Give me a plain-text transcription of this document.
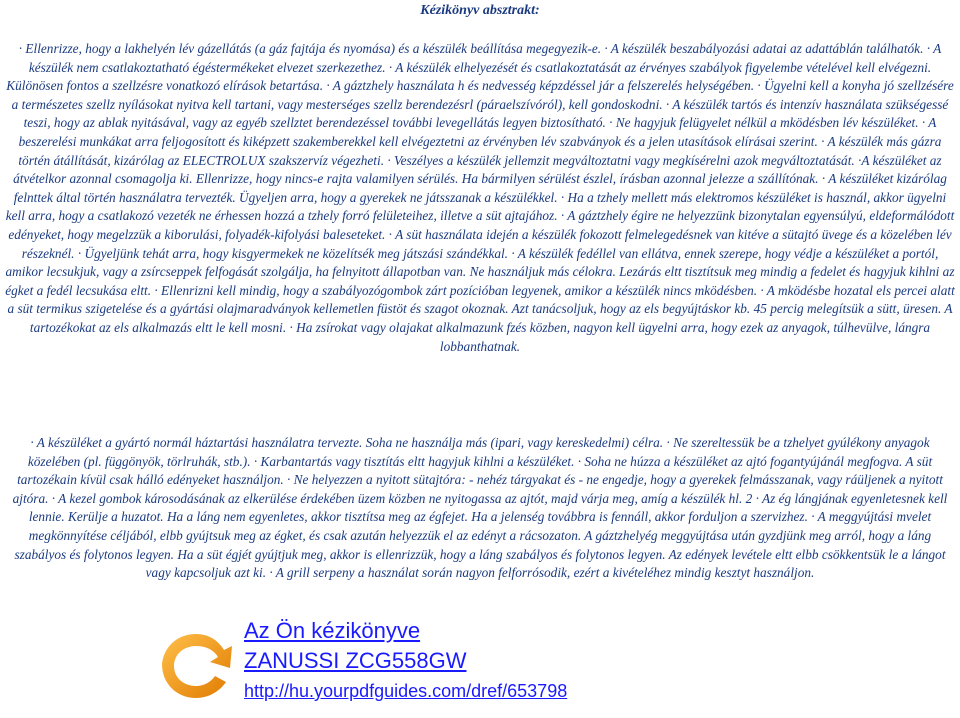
Kézikönyv absztrakt:

· Ellenrizze, hogy a lakhelyén lév gázellátás (a gáz fajtája és nyomása) és a készülék beállítása megegyezik-e. · A készülék beszabályozási adatai az adattáblán találhatók. · A készülék nem csatlakoztatható égéstermékeket elvezet szerkezethez. · A készülék elhelyezését és csatlakoztatását az érvényes szabályok figyelembe vételével kell elvégezni. Különösen fontos a szellzésre vonatkozó elírások betartása. · A gáztzhely használata h és nedvesség képzdéssel jár a felszerelés helységében. · Ügyelni kell a konyha jó szellzésére a természetes szellz nyílásokat nyitva kell tartani, vagy mesterséges szellz berendezésrl (páraelszívóról), kell gondoskodni. · A készülék tartós és intenzív használata szükségessé teszi, hogy az ablak nyitásával, vagy az egyéb szellztet berendezéssel további levegellátás legyen biztosítható. · Ne hagyjuk felügyelet nélkül a mködésben lév készüléket. · A beszerelési munkákat arra feljogosított és kiképzett szakemberekkel kell elvégeztetni az érvényben lév szabványok és a jelen utasítások elírásai szerint. · A készülék más gázra történ átállítását, kizárólag az ELECTROLUX szakszervíz végezheti. · Veszélyes a készülék jellemzit megváltoztatni vagy megkísérelni azok megváltoztatását. ·A készüléket az átvételkor azonnal csomagolja ki. Ellenrizze, hogy nincs-e rajta valamilyen sérülés. Ha bármilyen sérülést észlel, írásban azonnal jelezze a szállítónak. · A készüléket kizárólag felnttek által történ használatra tervezték. Ügyeljen arra, hogy a gyerekek ne játsszanak a készülékkel. · Ha a tzhely mellett más elektromos készüléket is használ, akkor ügyelni kell arra, hogy a csatlakozó vezeték ne érhessen hozzá a tzhely forró felületeihez, illetve a süt ajtajához. · A gáztzhely égire ne helyezzünk bizonytalan egyensúlyú, eldeformálódott edényeket, hogy megelzzük a kiborulási, folyadék-kifolyási baleseteket. · A süt használata idején a készülék fokozott felmelegedésnek van kitéve a sütajtó üvege és a közelében lév részeknél. · Ügyeljünk tehát arra, hogy kisgyermekek ne közelítsék meg játszási szándékkal. · A készülék fedéllel van ellátva, ennek szerepe, hogy védje a készüléket a portól, amikor lecsukjuk, vagy a zsírcseppek felfogását szolgálja, ha felnyitott állapotban van. Ne használjuk más célokra. Lezárás eltt tisztítsuk meg mindig a fedelet és hagyjuk kihlni az égket a fedél lecsukása eltt. · Ellenrizni kell mindig, hogy a szabályozógombok zárt pozícióban legyenek, amikor a készülék nincs mködésben. · A mködésbe hozatal els percei alatt a süt termikus szigetelése és a gyártási olajmaradványok kellemetlen füstöt és szagot okoznak. Azt tanácsoljuk, hogy az els begyújtáskor kb. 45 percig melegítsük a sütt, üresen. A tartozékokat az els alkalmazás eltt le kell mosni. · Ha zsírokat vagy olajakat alkalmazunk fzés közben, nagyon kell ügyelni arra, hogy ezek az anyagok, túlhevülve, lángra lobbanthatnak.

· A készüléket a gyártó normál háztartási használatra tervezte. Soha ne használja más (ipari, vagy kereskedelmi) célra. · Ne szereltessük be a tzhelyet gyúlékony anyagok közelében (pl. függönyök, törlruhák, stb.). · Karbantartás vagy tisztítás eltt hagyjuk kihlni a készüléket. · Soha ne húzza a készüléket az ajtó fogantyújánál megfogva. A süt tartozékain kívül csak hálló edényeket használjon. · Ne helyezzen a nyitott sütajtóra: - nehéz tárgyakat és - ne engedje, hogy a gyerekek felmásszanak, vagy ráüljenek a nyitott ajtóra. · A kezel gombok károsodásának az elkerülése érdekében üzem közben ne nyitogassa az ajtót, majd várja meg, amíg a készülék hl. 2 · Az ég lángjának egyenletesnek kell lennie. Kerülje a huzatot. Ha a láng nem egyenletes, akkor tisztítsa meg az égfejet. Ha a jelenség továbbra is fennáll, akkor forduljon a szervizhez. · A meggyújtási mvelet megkönnyítése céljából, elbb gyújtsuk meg az égket, és csak azután helyezzük el az edényt a rácsozaton. A gáztzhelyég meggyújtása után gyzdjünk meg arról, hogy a láng szabályos és folytonos legyen. Ha a süt égjét gyújtjuk meg, akkor is ellenrizzük, hogy a láng szabályos és folytonos legyen. Az edények levétele eltt elbb csökkentsük le a lángot vagy kapcsoljuk azt ki. · A grill serpeny a használat során nagyon felforrósodik, ezért a kivételéhez mindig kesztyt használjon.

Az Ön kézikönyve
ZANUSSI ZCG558GW
http://hu.yourpdfguides.com/dref/653798
